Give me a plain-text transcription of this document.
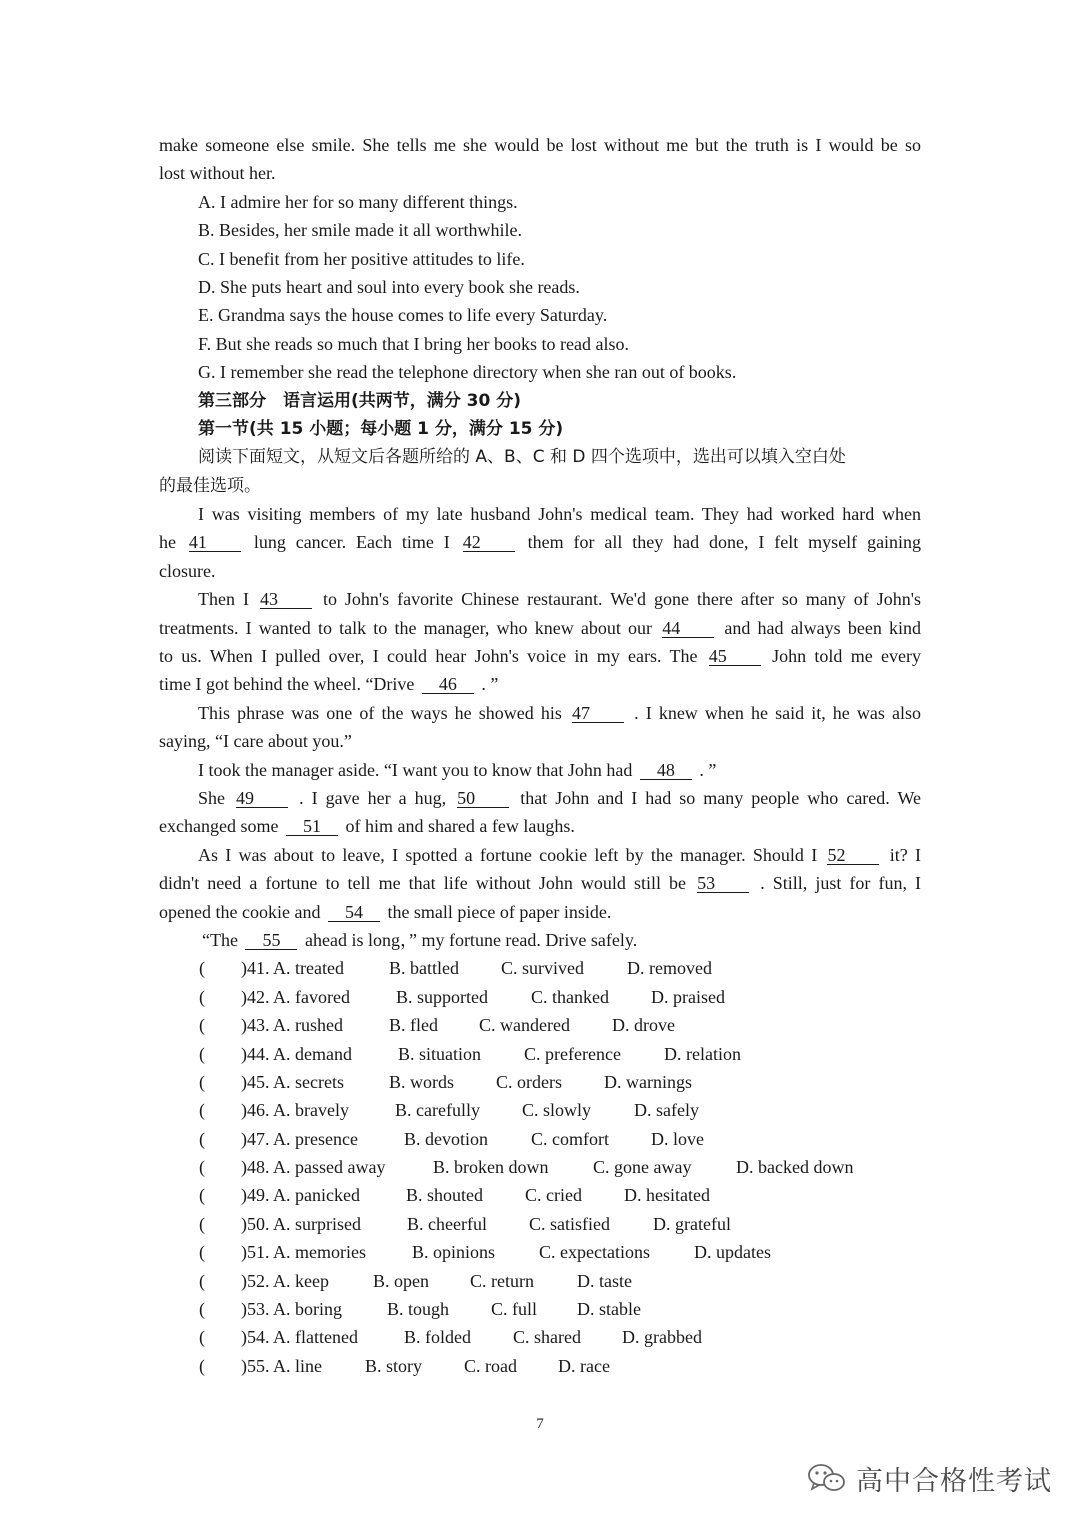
make someone else smile. She tells me she would be lost without me but the truth is I would be so
lost without her.
A. I admire her for so many different things.
B. Besides, her smile made it all worthwhile.
C. I benefit from her positive attitudes to life.
D. She puts heart and soul into every book she reads.
E. Grandma says the house comes to life every Saturday.
F. But she reads so much that I bring her books to read also.
G. I remember she read the telephone directory when she ran out of books.
第三部分　语言运用(共两节，满分 30 分)
第一节(共 15 小题；每小题 1 分，满分 15 分)
阅读下面短文，从短文后各题所给的 A、B、C 和 D 四个选项中，选出可以填入空白处
的最佳选项。
I was visiting members of my late husband John's medical team. They had worked hard when
he 41	lung cancer. Each time I 42	them for all they had done, I felt myself gaining
closure.
Then I 43 to John's favorite Chinese restaurant. We'd gone there after so many of John's
treatments. I wanted to talk to the manager, who knew about our 44 and had always been kind
to us. When I pulled over, I could hear John's voice in my ears. The 45	John told me every
time I got behind the wheel. “Drive 46 . ”
This phrase was one of the ways he showed his 47 . I knew when he said it, he was also
saying, “I care about you.”
I took the manager aside. “I want you to know that John had 48 . ”
She 49	. I gave her a hug, 50	that John and I had so many people who cared. We
exchanged some 51 of him and shared a few laughs.
As I was about to leave, I spotted a fortune cookie left by the manager. Should I 52 it? I
didn't need a fortune to tell me that life without John would still be 53	. Still, just for fun, I
opened the cookie and 54 the small piece of paper inside.
“The 55 ahead is long，” my fortune read. Drive safely.
(　　)41. A. treated	B. battled C. survived D. removed
(　　)42. A. favored	B. supported C. thanked D. praised
(　　)43. A. rushed	B. fled C. wandered D. drove
(　　)44. A. demand	B. situation C. preference D. relation
(　　)45. A. secrets	B. words C. orders D. warnings
(　　)46. A. bravely	B. carefully C. slowly D. safely
(　　)47. A. presence	B. devotion C. comfort D. love
(　　)48. A. passed away	B. broken down C. gone away D. backed down
(　　)49. A. panicked	B. shouted C. cried D. hesitated
(　　)50. A. surprised	B. cheerful C. satisfied D. grateful
(　　)51. A. memories	B. opinions C. expectations D. updates
(　　)52. A. keep B. open C. return D. taste
(　　)53. A. boring	B. tough C. full D. stable
(　　)54. A. flattened	B. folded C. shared D. grabbed
(　　)55. A. line B. story C. road D. race
7
高中合格性考试
